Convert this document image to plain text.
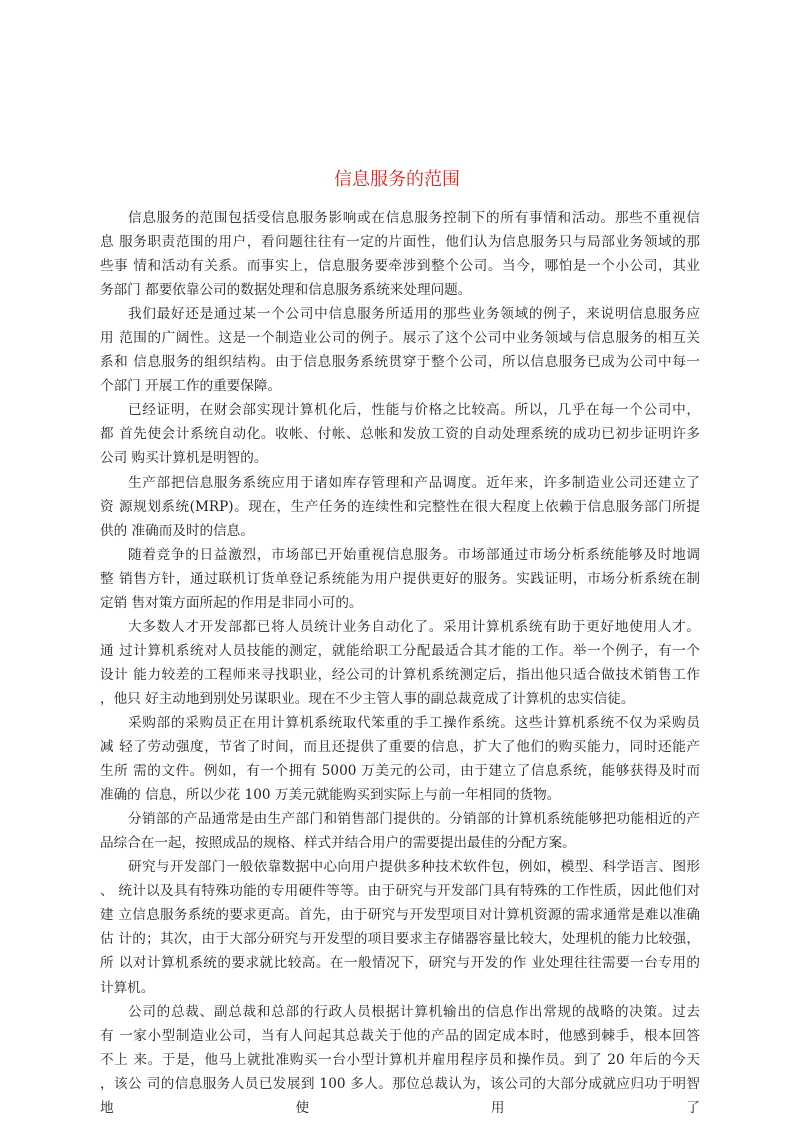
信息服务的范围
信息服务的范围包括受信息服务影响或在信息服务控制下的所有事情和活动。那些不重视信
息 服务职责范围的用户，看问题往往有一定的片面性，他们认为信息服务只与局部业务领域的那
些事 情和活动有关系。而事实上，信息服务要牵涉到整个公司。当今，哪怕是一个小公司，其业
务部门 都要依靠公司的数据处理和信息服务系统来处理问题。
我们最好还是通过某一个公司中信息服务所适用的那些业务领域的例子，来说明信息服务应
用 范围的广阔性。这是一个制造业公司的例子。展示了这个公司中业务领域与信息服务的相互关
系和 信息服务的组织结构。由于信息服务系统贯穿于整个公司，所以信息服务已成为公司中每一
个部门 开展工作的重要保障。
已经证明，在财会部实现计算机化后，性能与价格之比较高。所以，几乎在每一个公司中，
都 首先使会计系统自动化。收帐、付帐、总帐和发放工资的自动处理系统的成功已初步证明许多
公司 购买计算机是明智的。
生产部把信息服务系统应用于诸如库存管理和产品调度。近年来，许多制造业公司还建立了
资 源规划系统(MRP)。现在，生产任务的连续性和完整性在很大程度上依赖于信息服务部门所提
供的 准确而及时的信息。
随着竞争的日益激烈，市场部已开始重视信息服务。市场部通过市场分析系统能够及时地调
整 销售方针，通过联机订货单登记系统能为用户提供更好的服务。实践证明，市场分析系统在制
定销 售对策方面所起的作用是非同小可的。
大多数人才开发部都已将人员统计业务自动化了。采用计算机系统有助于更好地使用人才。
通 过计算机系统对人员技能的测定，就能给职工分配最适合其才能的工作。举一个例子，有一个
设计 能力较差的工程师来寻找职业，经公司的计算机系统测定后，指出他只适合做技术销售工作
，他只 好主动地到别处另谋职业。现在不少主管人事的副总裁竟成了计算机的忠实信徒。
采购部的采购员正在用计算机系统取代笨重的手工操作系统。这些计算机系统不仅为采购员
减 轻了劳动强度，节省了时间，而且还提供了重要的信息，扩大了他们的购买能力，同时还能产
生所 需的文件。例如，有一个拥有 5000 万美元的公司，由于建立了信息系统，能够获得及时而
准确的 信息，所以少花 100 万美元就能购买到实际上与前一年相同的货物。
分销部的产品通常是由生产部门和销售部门提供的。分销部的计算机系统能够把功能相近的产
品综合在一起，按照成品的规格、样式并结合用户的需要提出最佳的分配方案。
研究与开发部门一般依靠数据中心向用户提供多种技术软件包，例如，模型、科学语言、图形
、 统计以及具有特殊功能的专用硬件等等。由于研究与开发部门具有特殊的工作性质，因此他们对
建 立信息服务系统的要求更高。首先，由于研究与开发型项目对计算机资源的需求通常是难以准确
估 计的；其次，由于大部分研究与开发型的项目要求主存储器容量比较大，处理机的能力比较强，
所 以对计算机系统的要求就比较高。在一般情况下，研究与开发的作 业处理往往需要一台专用的
计算机。
公司的总裁、副总裁和总部的行政人员根据计算机输出的信息作出常规的战略的决策。过去
有 一家小型制造业公司，当有人问起其总裁关于他的产品的固定成本时，他感到棘手，根本回答
不上 来。于是，他马上就批准购买一台小型计算机并雇用程序员和操作员。到了 20 年后的今天
，该公 司的信息服务人员已发展到 100 多人。那位总裁认为，该公司的大部分成就应归功于明智
地 使 用 了
